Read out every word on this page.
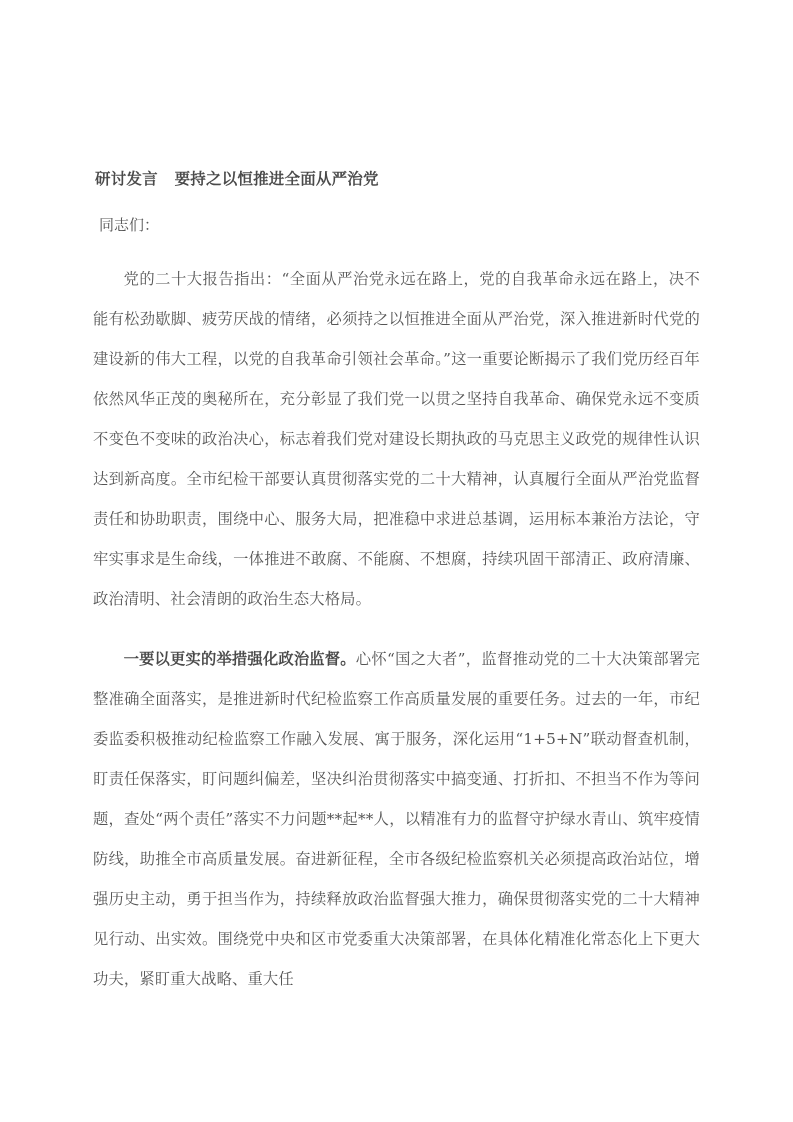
研讨发言   要持之以恒推进全面从严治党

同志们：

党的二十大报告指出：“全面从严治党永远在路上，党的自我革命永远在路上，决不能有松劲歇脚、疲劳厌战的情绪，必须持之以恒推进全面从严治党，深入推进新时代党的建设新的伟大工程，以党的自我革命引领社会革命。”这一重要论断揭示了我们党历经百年依然风华正茂的奥秘所在，充分彰显了我们党一以贯之坚持自我革命、确保党永远不变质不变色不变味的政治决心，标志着我们党对建设长期执政的马克思主义政党的规律性认识达到新高度。全市纪检干部要认真贯彻落实党的二十大精神，认真履行全面从严治党监督责任和协助职责，围绕中心、服务大局，把准稳中求进总基调，运用标本兼治方法论，守牢实事求是生命线，一体推进不敢腐、不能腐、不想腐，持续巩固干部清正、政府清廉、政治清明、社会清朗的政治生态大格局。

一要以更实的举措强化政治监督。心怀“国之大者”，监督推动党的二十大决策部署完整准确全面落实，是推进新时代纪检监察工作高质量发展的重要任务。过去的一年，市纪委监委积极推动纪检监察工作融入发展、寓于服务，深化运用“1+5+N”联动督查机制，盯责任保落实，盯问题纠偏差，坚决纠治贯彻落实中搞变通、打折扣、不担当不作为等问题，查处“两个责任”落实不力问题**起**人，以精准有力的监督守护绿水青山、筑牢疫情防线，助推全市高质量发展。奋进新征程，全市各级纪检监察机关必须提高政治站位，增强历史主动，勇于担当作为，持续释放政治监督强大推力，确保贯彻落实党的二十大精神见行动、出实效。围绕党中央和区市党委重大决策部署，在具体化精准化常态化上下更大功夫，紧盯重大战略、重大任
